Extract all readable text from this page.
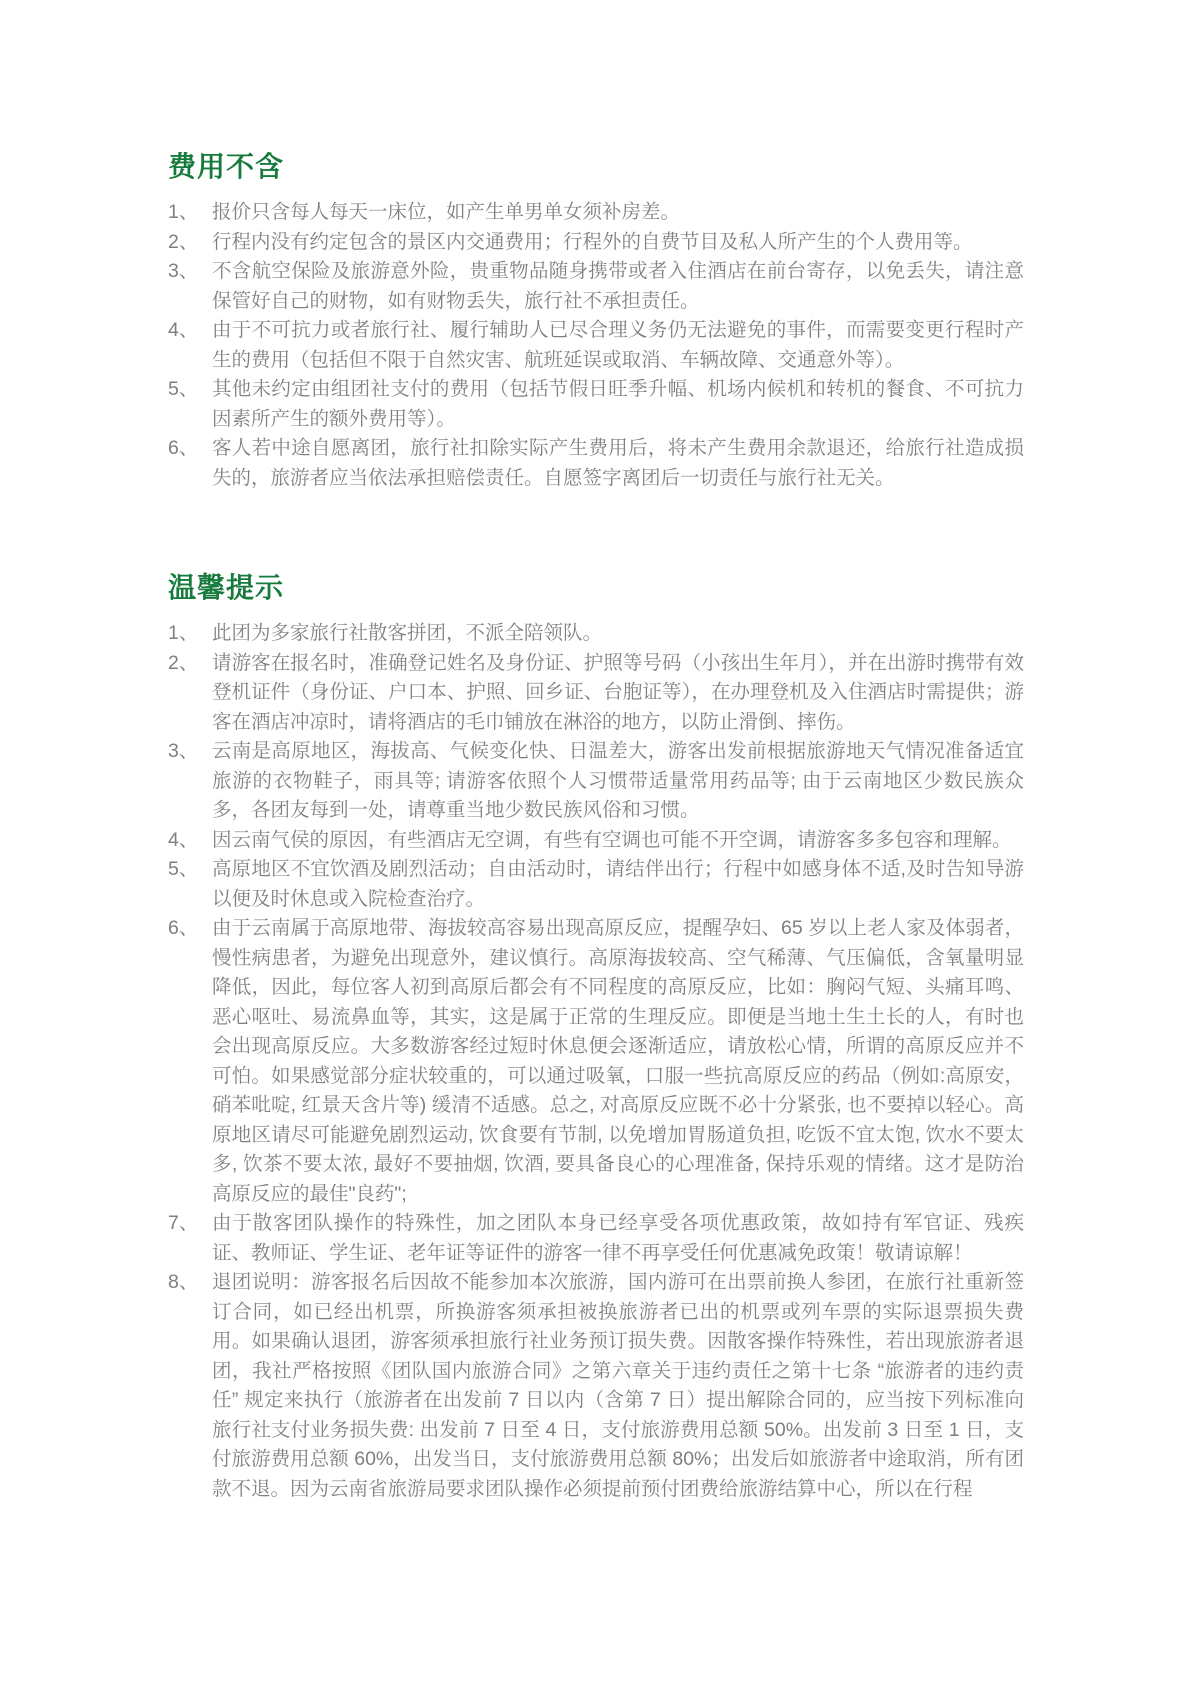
费用不含
1、 报价只含每人每天一床位，如产生单男单女须补房差。
2、 行程内没有约定包含的景区内交通费用；行程外的自费节目及私人所产生的个人费用等。
3、 不含航空保险及旅游意外险，贵重物品随身携带或者入住酒店在前台寄存，以免丢失，请注意保管好自己的财物，如有财物丢失，旅行社不承担责任。
4、 由于不可抗力或者旅行社、履行辅助人已尽合理义务仍无法避免的事件，而需要变更行程时产生的费用（包括但不限于自然灾害、航班延误或取消、车辆故障、交通意外等）。
5、 其他未约定由组团社支付的费用（包括节假日旺季升幅、机场内候机和转机的餐食、不可抗力因素所产生的额外费用等）。
6、 客人若中途自愿离团，旅行社扣除实际产生费用后，将未产生费用余款退还，给旅行社造成损失的，旅游者应当依法承担赔偿责任。自愿签字离团后一切责任与旅行社无关。
温馨提示
1、 此团为多家旅行社散客拼团，不派全陪领队。
2、 请游客在报名时，准确登记姓名及身份证、护照等号码（小孩出生年月），并在出游时携带有效登机证件（身份证、户口本、护照、回乡证、台胞证等），在办理登机及入住酒店时需提供；游客在酒店冲凉时，请将酒店的毛巾铺放在淋浴的地方，以防止滑倒、摔伤。
3、 云南是高原地区，海拔高、气候变化快、日温差大，游客出发前根据旅游地天气情况准备适宜旅游的衣物鞋子，雨具等; 请游客依照个人习惯带适量常用药品等; 由于云南地区少数民族众多，各团友每到一处，请尊重当地少数民族风俗和习惯。
4、 因云南气侯的原因，有些酒店无空调，有些有空调也可能不开空调，请游客多多包容和理解。
5、 高原地区不宜饮酒及剧烈活动；自由活动时，请结伴出行；行程中如感身体不适,及时告知导游以便及时休息或入院检查治疗。
6、 由于云南属于高原地带、海拔较高容易出现高原反应，提醒孕妇、65 岁以上老人家及体弱者，慢性病患者，为避免出现意外，建议慎行。高原海拔较高、空气稀薄、气压偏低，含氧量明显降低，因此，每位客人初到高原后都会有不同程度的高原反应，比如：胸闷气短、头痛耳鸣、恶心呕吐、易流鼻血等，其实，这是属于正常的生理反应。即便是当地土生土长的人，有时也会出现高原反应。大多数游客经过短时休息便会逐渐适应，请放松心情，所谓的高原反应并不可怕。如果感觉部分症状较重的，可以通过吸氧，口服一些抗高原反应的药品（例如:高原安，硝苯吡啶, 红景天含片等) 缓清不适感。总之, 对高原反应既不必十分紧张, 也不要掉以轻心。高原地区请尽可能避免剧烈运动, 饮食要有节制, 以免增加胃肠道负担, 吃饭不宜太饱, 饮水不要太多, 饮茶不要太浓, 最好不要抽烟, 饮酒, 要具备良心的心理准备, 保持乐观的情绪。这才是防治高原反应的最佳"良药";
7、 由于散客团队操作的特殊性，加之团队本身已经享受各项优惠政策，故如持有军官证、残疾证、教师证、学生证、老年证等证件的游客一律不再享受任何优惠减免政策！敬请谅解！
8、 退团说明：游客报名后因故不能参加本次旅游，国内游可在出票前换人参团，在旅行社重新签订合同，如已经出机票，所换游客须承担被换旅游者已出的机票或列车票的实际退票损失费用。如果确认退团，游客须承担旅行社业务预订损失费。因散客操作特殊性，若出现旅游者退团，我社严格按照《团队国内旅游合同》之第六章关于违约责任之第十七条 “旅游者的违约责任” 规定来执行（旅游者在出发前 7 日以内（含第 7 日）提出解除合同的，应当按下列标准向旅行社支付业务损失费: 出发前 7 日至 4 日，支付旅游费用总额 50%。出发前 3 日至 1 日，支付旅游费用总额 60%，出发当日，支付旅游费用总额 80%；出发后如旅游者中途取消，所有团款不退。因为云南省旅游局要求团队操作必须提前预付团费给旅游结算中心，所以在行程
